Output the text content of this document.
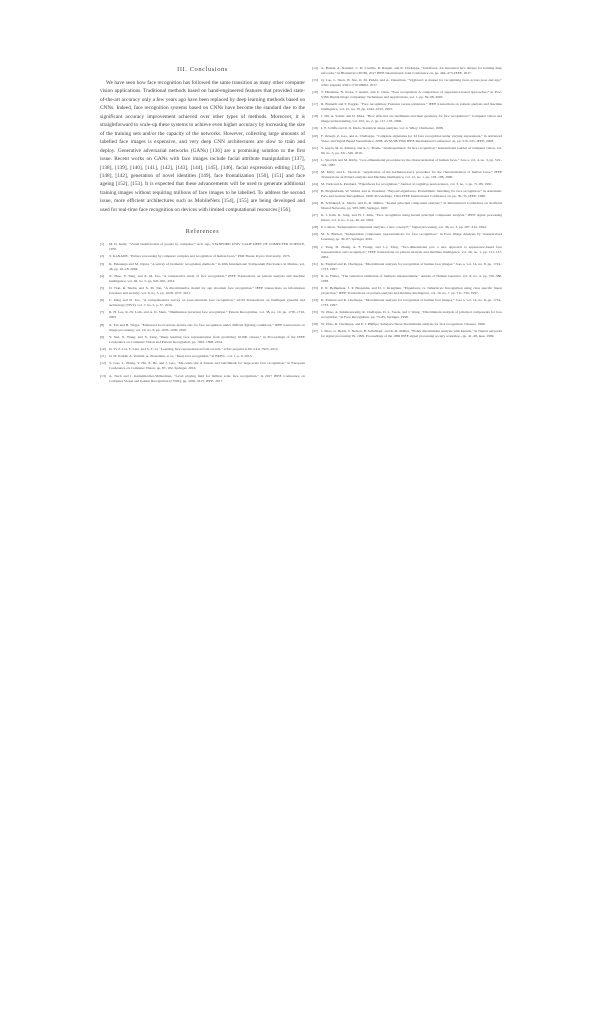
III. Conclusions

We have seen how face recognition has followed the same transition as many other computer vision applications. Traditional methods based on hand-engineered features that provided state-of-the-art accuracy only a few years ago have been replaced by deep learning methods based on CNNs. Indeed, face recognition systems based on CNNs have become the standard due to the significant accuracy improvement achieved over other types of methods. Moreover, it is straightforward to scale-up these systems to achieve even higher accuracy by increasing the size of the training sets and/or the capacity of the networks. However, collecting large amounts of labelled face images is expensive, and very deep CNN architectures are slow to train and deploy. Generative adversarial networks (GANs) [136] are a promising solution to the first issue. Recent works on GANs with face images include facial attribute manipulation [137], [138], [139], [140], [141], [142], [143], [144], [145], [146], facial expression editing [147], [148], [142], generation of novel identities [149], face frontalization [150], [151] and face ageing [152], [153]. It is expected that these advancements will be used to generate additional training images without requiring millions of face images to be labelled. To address the second issue, more efficient architectures such as MobileNets [154], [155] are being developed and used for real-time face recognition on devices with limited computational resources [156].

References

[1] M. D. Kelly, “Visual identification of people by computer,” tech. rep., STANFORD UNIV CALIF DEPT OF COMPUTER SCIENCE, 1970.

[2] T. KANADE, “Picture processing by computer complex and recognition of human faces,” PhD Thesis, Kyoto University, 1973.

[3] K. Fukunaga and M. Ogata, “A survey of biometric recognition methods,” in 46th International Symposium Electronics in Marine, vol. 46, pp. 16–18, 2004.

[4] X. Zhao, Y. Tang, and X. M. Tao, “A comparative study of face recognition,” IEEE Transactions on pattern analysis and machine intelligence, vol. 36, no. 5, pp. 945–961, 2014.

[5] D. Tian, R. Shelle, and X. M. Tan, “A discriminative model for age invariant face recognition,” IEEE transactions on information forensics and security, vol. 6, no. 3, pp. 1028–1037, 2011.

[6] C. Ding and D. Tao, “A comprehensive survey on pose-invariant face recognition,” ACM Transactions on intelligent systems and technology (TIST), vol. 7, no. 3, p. 37, 2016.

[7] R. H. Lee, K.-W. Lam, and A. K. Shen, “Illumination invariant face recognition,” Pattern Recognition, vol. 38, no. 10, pp. 1705–1716, 2005.

[8] X. Tan and B. Triggs, “Enhanced local texture feature sets for face recognition under difficult lighting conditions,” IEEE transactions on image processing, vol. 19, no. 6, pp. 1635–1650, 2010.

[9] Y. Sun, X. Wang, and X. Tang, “Deep learning face representation from predicting 10,000 classes,” in Proceedings of the IEEE Conference on Computer Vision and Pattern Recognition, pp. 1891–1898, 2014.

[10] D. Yi, Z. Lei, S. Liao, and S. Z. Li, “Learning face representation from scratch,” arXiv preprint arXiv:1411.7923, 2014.

[11] O. M. Parkhi, A. Vedaldi, A. Zisserman, et al., “Deep face recognition,” in BMVC, vol. 1, p. 6, 2015.

[12] Y. Guo, L. Zhang, Y. Hu, X. He, and J. Gao, “Ms-celeb-1m: A dataset and benchmark for large-scale face recognition,” in European Conference on Computer Vision, pp. 87–102, Springer, 2016.

[13] A. Nech and I. Kemelmacher-Shlizerman, “Level playing field for million scale face recognition,” in 2017 IEEE Conference on Computer Vision and Pattern Recognition (CVPR), pp. 3406–3415, IEEE, 2017.

[14] A. Bansal, A. Nanduri, C. D. Castillo, R. Ranjan, and R. Chellappa, “Umdfaces: An annotated face dataset for training deep networks,” in Biometrics (IJCB), 2017 IEEE International Joint Conference on, pp. 464–473, IEEE, 2017.

[15] Q. Cao, L. Shen, W. Xie, O. M. Parkhi, and A. Zisserman, “Vggface2: A dataset for recognising faces across pose and age,” arXiv preprint arXiv:1710.08092, 2017.

[16] T. Heseltine, N. Pears, J. Austin, and Z. Chen, “Face recognition: A comparison of appearance-based approaches,” in Proc. VIIth Digital image computing: Techniques and Applications, vol. 1, pp. 59–68, 2003.

[17] R. Brunelli and T. Poggio, “Face recognition: Features versus templates,” IEEE transactions on pattern analysis and machine intelligence, vol. 15, no. 10, pp. 1042–1052, 1993.

[18] J. Shi, A. Samal, and D. Marx, “How effective are landmarks and their geometry for face recognition?,” Computer vision and image understanding, vol. 102, no. 2, pp. 117–133, 2006.

[19] I. T. Jolliffe and R. O. Duda, Statistical shape analysis, vol. 4. Wiley Chichester, 1998.

[20] F. Ozaegi, Z. Gao, and A. Chellappa, “Complete signatures for 3d face recognition under varying expressions,” in Advanced Video and Signal Based Surveillance, 2008. AVSS’08. Fifth IEEE International Conference on, pp. 519–525, IEEE, 2008.

[21] S. Gupta, M. K. Markey, and A. C. Bovik, “Anthropometric 3d face recognition,” International journal of computer vision, vol. 90, no. 3, pp. 331–349, 2010.

[22] L. Sirovich and M. Kirby, “Low-dimensional procedure for the characterization of human faces,” Josa a, vol. 4, no. 3, pp. 519–524, 1987.

[23] M. Kirby and L. Sirovich, “Application of the karhunen-loeve procedure for the characterization of human faces,” IEEE Transactions on Pattern analysis and Machine intelligence, vol. 12, no. 1, pp. 103–108, 1990.

[24] M. Turk and A. Pentland, “Eigenfaces for recognition,” Journal of cognitive neuroscience, vol. 3, no. 1, pp. 71–86, 1991.

[25] B. Moghaddam, W. Wahid, and A. Pentland, “Beyond eigenfaces: Probabilistic matching for face recognition,” in Automatic Face and Gesture Recognition, 1998. Proceedings. Third IEEE International Conference on, pp. 30–35, IEEE, 1998.

[26] B. Schölkopf, A. Smola, and K.-R. Müller, “Kernel principal component analysis,” in International Conference on Artificial Neural Networks, pp. 583–588, Springer, 1997.

[27] K. I. Kim, K. Jung, and H. J. Kim, “Face recognition using kernel principal component analysis,” IEEE signal processing letters, vol. 9, no. 2, pp. 40–42, 2002.

[28] P. Comon, “Independent component analysis, a new concept?,” Signal processing, vol. 36, no. 3, pp. 287–314, 1994.

[29] M. S. Bartlett, “Independent component representations for face recognition,” in Face Image Analysis by Unsupervised Learning, pp. 39–67, Springer, 2001.

[30] J. Yang, D. Zhang, A. F. Frangi, and J.-y. Yang, “Two-dimensional pca: a new approach to appearance-based face representation and recognition,” IEEE transactions on pattern analysis and machine intelligence, vol. 26, no. 1, pp. 131–137, 2004.

[31] K. Etemad and R. Chellappa, “Discriminant analysis for recognition of human face images,” Josa a, vol. 14, no. 8, pp. 1724–1733, 1997.

[32] R. A. Fisher, “The statistical utilization of multiple measurements,” Annals of Human Genetics, vol. 8, no. 4, pp. 376–386, 1938.

[33] P. N. Belhumeur, J. P. Hespanha, and D. J. Kriegman, “Eigenfaces vs. fisherfaces: Recognition using class specific linear projection,” IEEE Transactions on pattern analysis and machine intelligence, vol. 19, no. 7, pp. 711–720, 1997.

[34] K. Etemad and R. Chellappa, “Discriminant analysis for recognition of human face images,” Josa a, vol. 14, no. 8, pp. 1724–1733, 1997.

[35] W. Zhao, A. Krishnaswamy, R. Chellappa, D. L. Swets, and J. Weng, “Discriminant analysis of principal components for face recognition,” in Face Recognition, pp. 73–85, Springer, 1998.

[36] W. Zhao, R. Chellappa, and P. J. Phillips, Subspace linear discriminant analysis for face recognition. Citeseer, 1999.

[37] J. Zhao, G. Bebis, T. Nelson, B. Schölkopf, and K.-R. Müller, “Fisher discriminant analysis with kernels,” in Neural networks for signal processing IX, 1999. Proceedings of the 1999 IEEE signal processing society workshop., pp. 41–48, Ieee, 1999.
